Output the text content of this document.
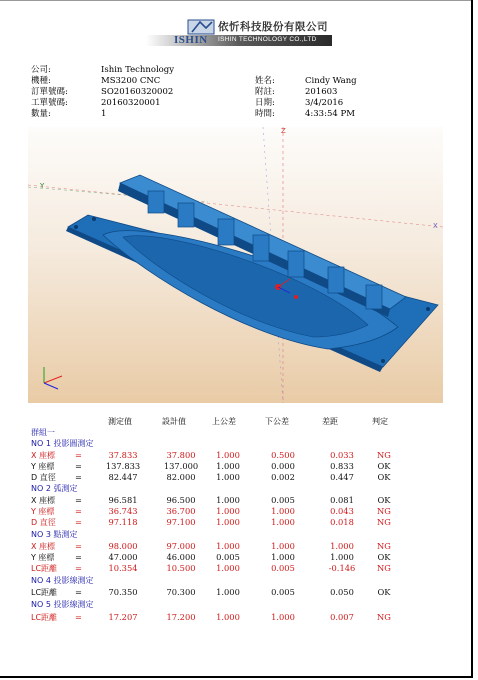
ISHIN
依忻科技股份有限公司
ISHIN TECHNOLOGY CO.,LTD
公司:	Ishin Technology
機種:	MS3200 CNC
訂單號碼:	SO20160320002
工單號碼:	20160320001
數量:	1
姓名:	Cindy Wang
附註:	201603
日期:	3/4/2016
時間:	4:33:54 PM
Z
Y
X
測定值	設計值	上公差	下公差	差距	判定
群組一
NO 1 投影圓測定
X 座標 =	37.833	37.800	1.000	0.500	0.033	NG
Y 座標 =	137.833	137.000	1.000	0.000	0.833	OK
D 直徑 =	82.447	82.000	1.000	0.002	0.447	OK
NO 2 弧測定
X 座標 =	96.581	96.500	1.000	0.005	0.081	OK
Y 座標 =	36.743	36.700	1.000	1.000	0.043	NG
D 直徑 =	97.118	97.100	1.000	1.000	0.018	NG
NO 3 點測定
X 座標 =	98.000	97.000	1.000	1.000	1.000	NG
Y 座標 =	47.000	46.000	0.005	1.000	1.000	OK
LC距離 =	10.354	10.500	1.000	0.005	-0.146	NG
NO 4 投影線測定
LC距離 =	70.350	70.300	1.000	0.005	0.050	OK
NO 5 投影線測定
LC距離 =	17.207	17.200	1.000	1.000	0.007	NG
